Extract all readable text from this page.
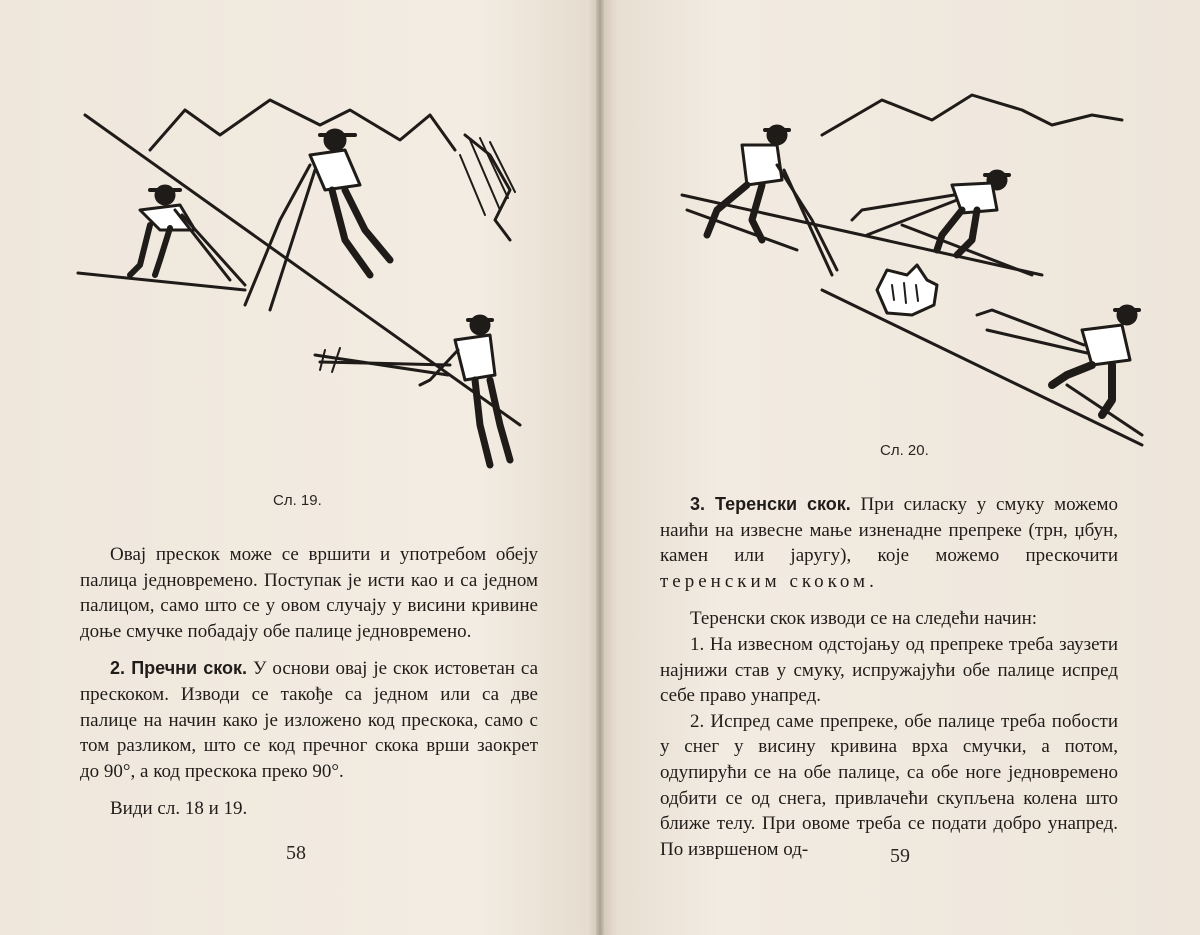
Сл. 19.

Овај прескок може се вршити и употребом обеју палица једновремено. Поступак је исти као и са једном палицом, само што се у овом случају у висини кривине доње смучке побадају обе палице једновремено.

2. Пречни скок. У основи овај је скок истоветан са прескоком. Изводи се такође са једном или са две палице на начин како је изложено код прескока, само с том разликом, што се код пречног скока врши заокрет до 90°, а код прескока преко 90°.

Види сл. 18 и 19.

58
Сл. 20.

3. Теренски скок. При силаску у смуку можемо наићи на извесне мање изненадне препреке (трн, џбун, камен или јаругу), које можемо прескочити теренским скоком.

Теренски скок изводи се на следећи начин:

1. На извесном одстојању од препреке треба заузети најнижи став у смуку, испружајући обе палице испред себе право унапред.

2. Испред саме препреке, обе палице треба побости у снег у висину кривина врха смучки, а потом, одупирући се на обе палице, са обе ноге једновремено одбити се од снега, привлачећи скупљена колена што ближе телу. При овоме треба се подати добро унапред. По извршеном од-	59
